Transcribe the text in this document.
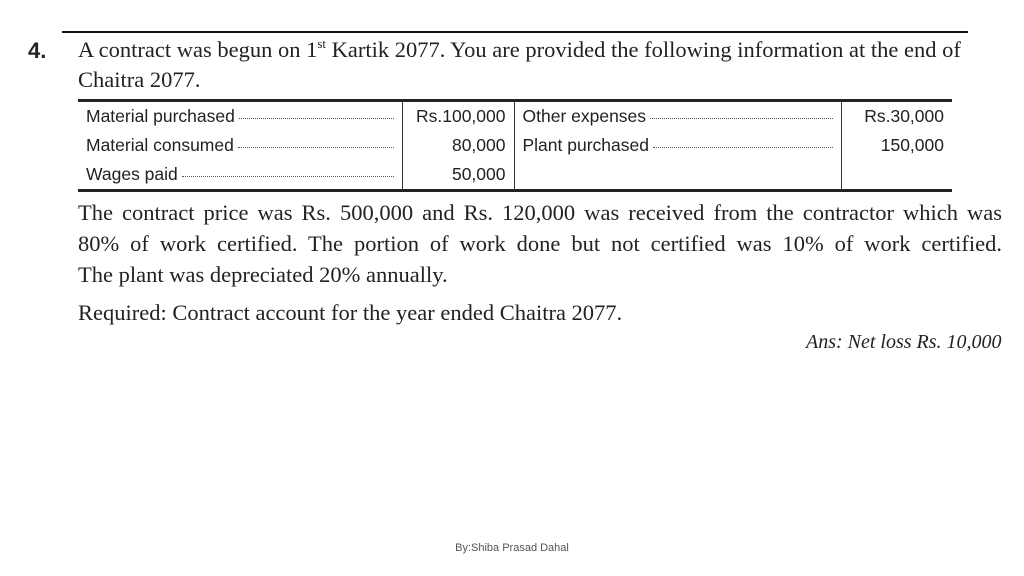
4. A contract was begun on 1st Kartik 2077. You are provided the following information at the end of Chaitra 2077.
Material purchased	Rs.100,000	Other expenses	Rs.30,000

Material consumed	80,000	Plant purchased	150,000

Wages paid	50,000		

The contract price was Rs. 500,000 and Rs. 120,000 was received from the contractor which was

80% of work certified. The portion of work done but not certified was 10% of work certified.

The plant was depreciated 20% annually.

Required: Contract account for the year ended Chaitra 2077.
Ans: Net loss Rs. 10,000
By:Shiba Prasad Dahal
